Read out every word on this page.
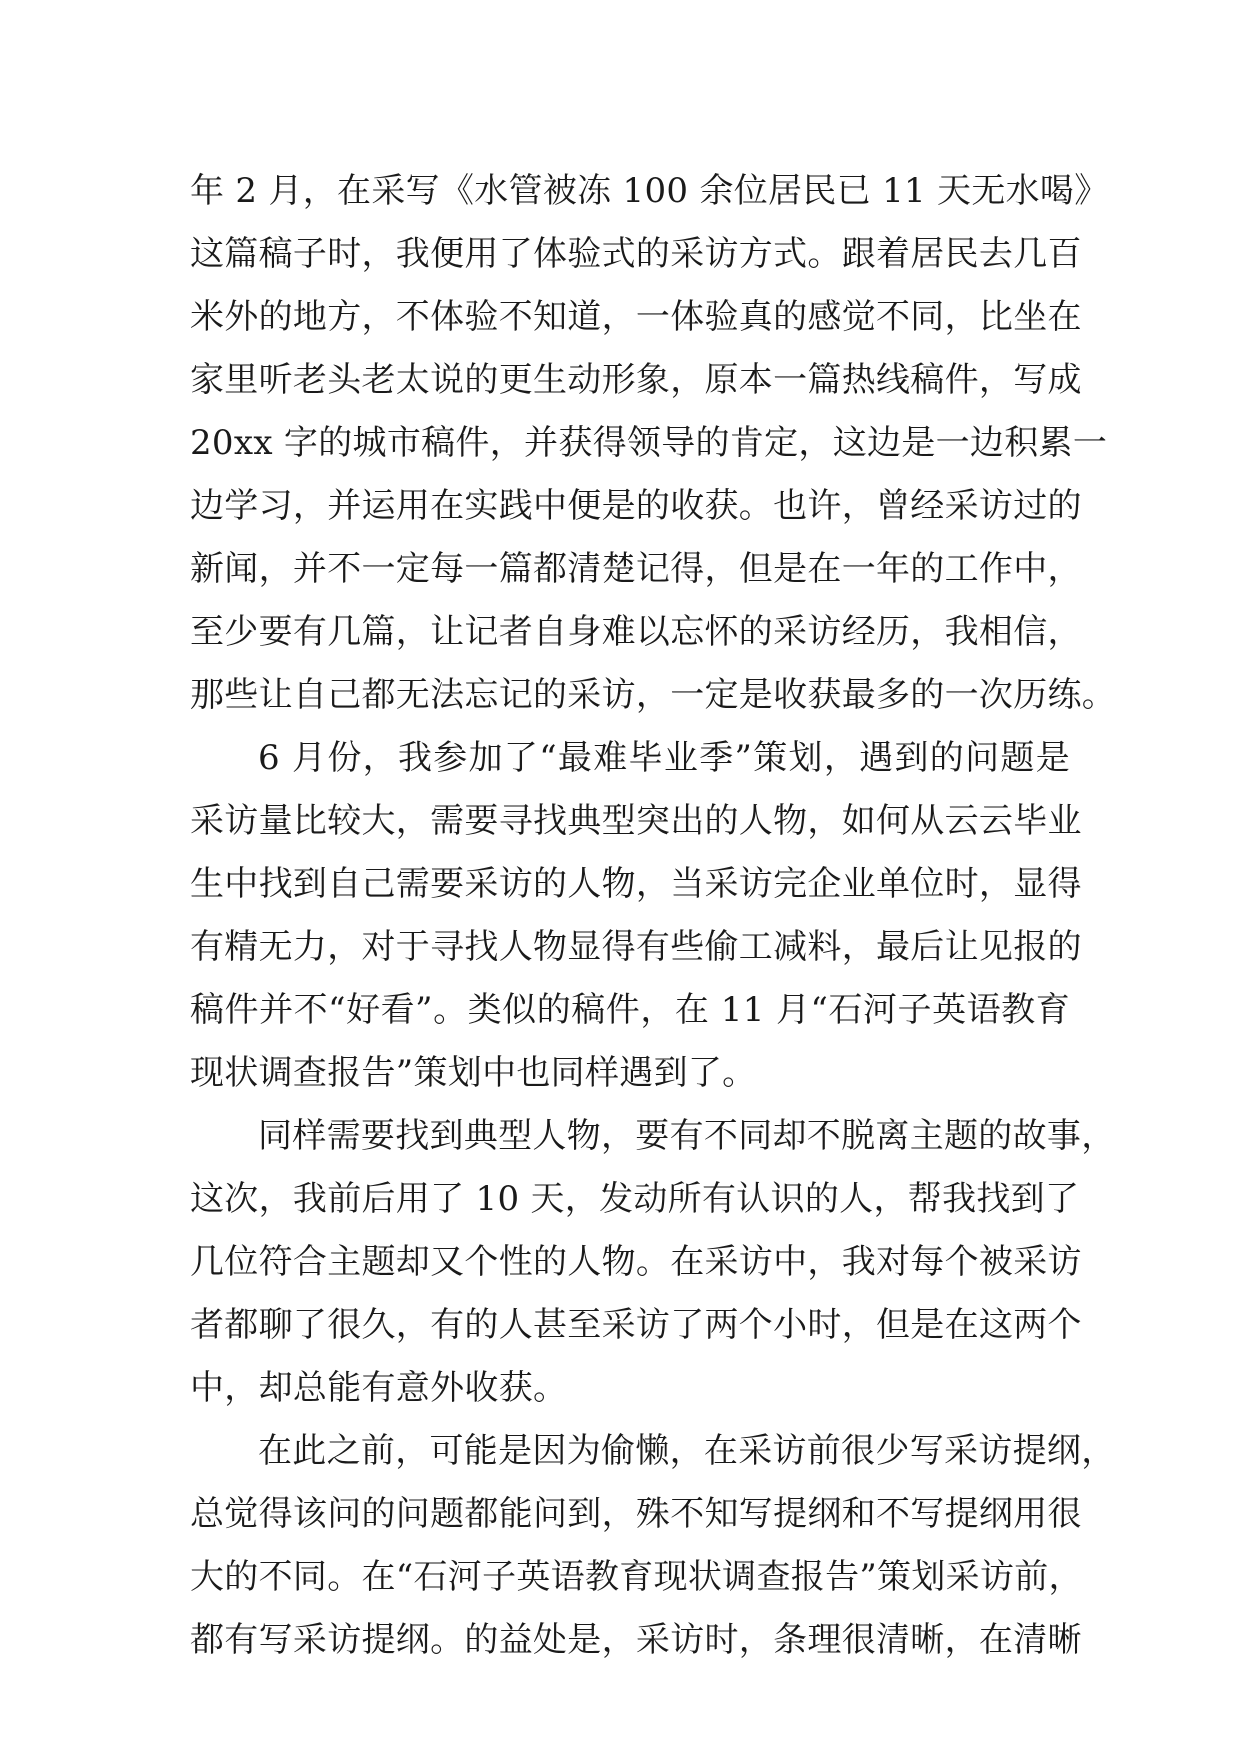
年 2 月，在采写《水管被冻 100 余位居民已 11 天无水喝》
这篇稿子时，我便用了体验式的采访方式。跟着居民去几百
米外的地方，不体验不知道，一体验真的感觉不同，比坐在
家里听老头老太说的更生动形象，原本一篇热线稿件，写成
20xx 字的城市稿件，并获得领导的肯定，这边是一边积累一
边学习，并运用在实践中便是的收获。也许，曾经采访过的
新闻，并不一定每一篇都清楚记得，但是在一年的工作中，
至少要有几篇，让记者自身难以忘怀的采访经历，我相信，
那些让自己都无法忘记的采访，一定是收获最多的一次历练。
6 月份，我参加了“最难毕业季”策划，遇到的问题是
采访量比较大，需要寻找典型突出的人物，如何从云云毕业
生中找到自己需要采访的人物，当采访完企业单位时，显得
有精无力，对于寻找人物显得有些偷工减料，最后让见报的
稿件并不“好看”。类似的稿件，在 11 月“石河子英语教育
现状调查报告”策划中也同样遇到了。
同样需要找到典型人物，要有不同却不脱离主题的故事，
这次，我前后用了 10 天，发动所有认识的人，帮我找到了
几位符合主题却又个性的人物。在采访中，我对每个被采访
者都聊了很久，有的人甚至采访了两个小时，但是在这两个
中，却总能有意外收获。
在此之前，可能是因为偷懒，在采访前很少写采访提纲，
总觉得该问的问题都能问到，殊不知写提纲和不写提纲用很
大的不同。在“石河子英语教育现状调查报告”策划采访前，
都有写采访提纲。的益处是，采访时，条理很清晰，在清晰
